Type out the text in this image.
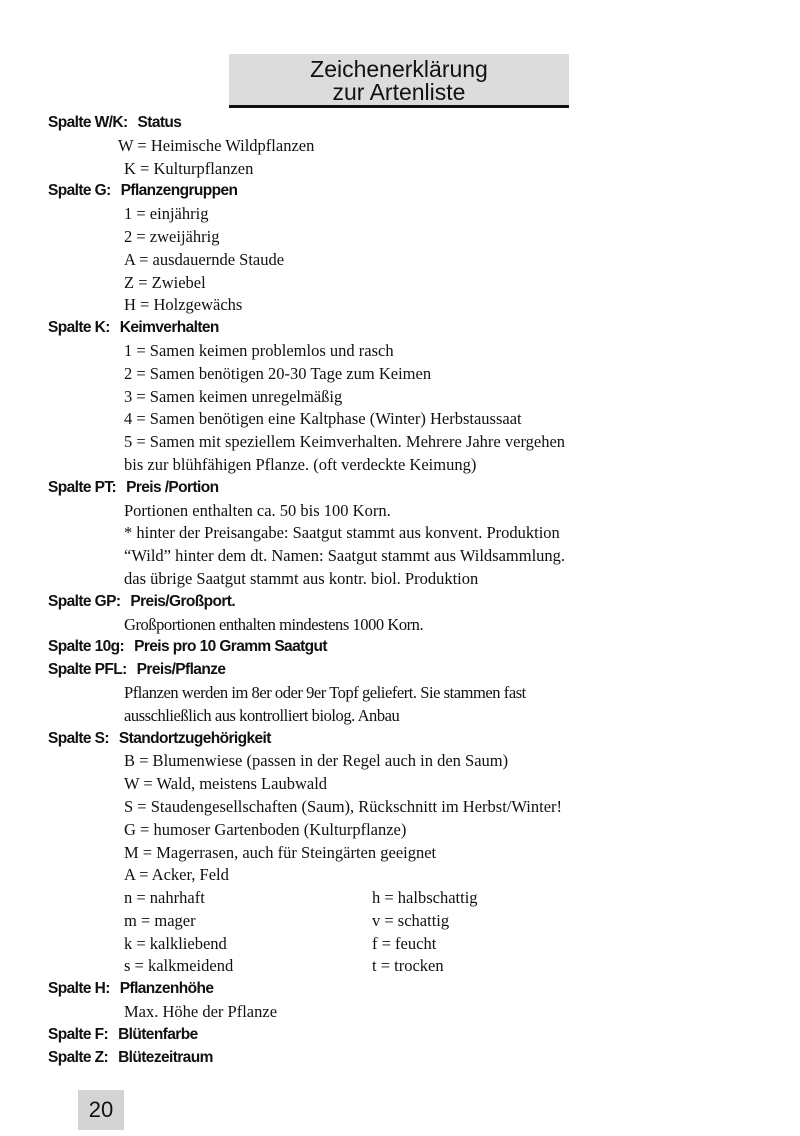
Zeichenerklärung
zur Artenliste
Spalte W/K: Status
W = Heimische Wildpflanzen
K = Kulturpflanzen
Spalte G: Pflanzengruppen
1 = einjährig
2 = zweijährig
A = ausdauernde Staude
Z = Zwiebel
H = Holzgewächs
Spalte K: Keimverhalten
1 = Samen keimen problemlos und rasch
2 = Samen benötigen 20-30 Tage zum Keimen
3 = Samen keimen unregelmäßig
4 = Samen benötigen eine Kaltphase (Winter) Herbstaussaat
5 = Samen mit speziellem Keimverhalten. Mehrere Jahre vergehen
bis zur blühfähigen Pflanze. (oft verdeckte Keimung)
Spalte PT: Preis /Portion
Portionen enthalten ca. 50 bis 100 Korn.
* hinter der Preisangabe: Saatgut stammt aus konvent. Produktion
“Wild” hinter dem dt. Namen: Saatgut stammt aus Wildsammlung.
das übrige Saatgut stammt aus kontr. biol. Produktion
Spalte GP: Preis/Großport.
Großportionen enthalten mindestens 1000 Korn.
Spalte 10g: Preis pro 10 Gramm Saatgut
Spalte PFL: Preis/Pflanze
Pflanzen werden im 8er oder 9er Topf geliefert. Sie stammen fast
ausschließlich aus kontrolliert biolog. Anbau
Spalte S: Standortzugehörigkeit
B = Blumenwiese (passen in der Regel auch in den Saum)
W = Wald, meistens Laubwald
S = Staudengesellschaften (Saum), Rückschnitt im Herbst/Winter!
G = humoser Gartenboden (Kulturpflanze)
M = Magerrasen, auch für Steingärten geeignet
A = Acker, Feld
n = nahrhaft	h = halbschattig
m = mager	v = schattig
k = kalkliebend	f = feucht
s = kalkmeidend	t = trocken
Spalte H: Pflanzenhöhe
Max. Höhe der Pflanze
Spalte F: Blütenfarbe
Spalte Z: Blütezeitraum
20
